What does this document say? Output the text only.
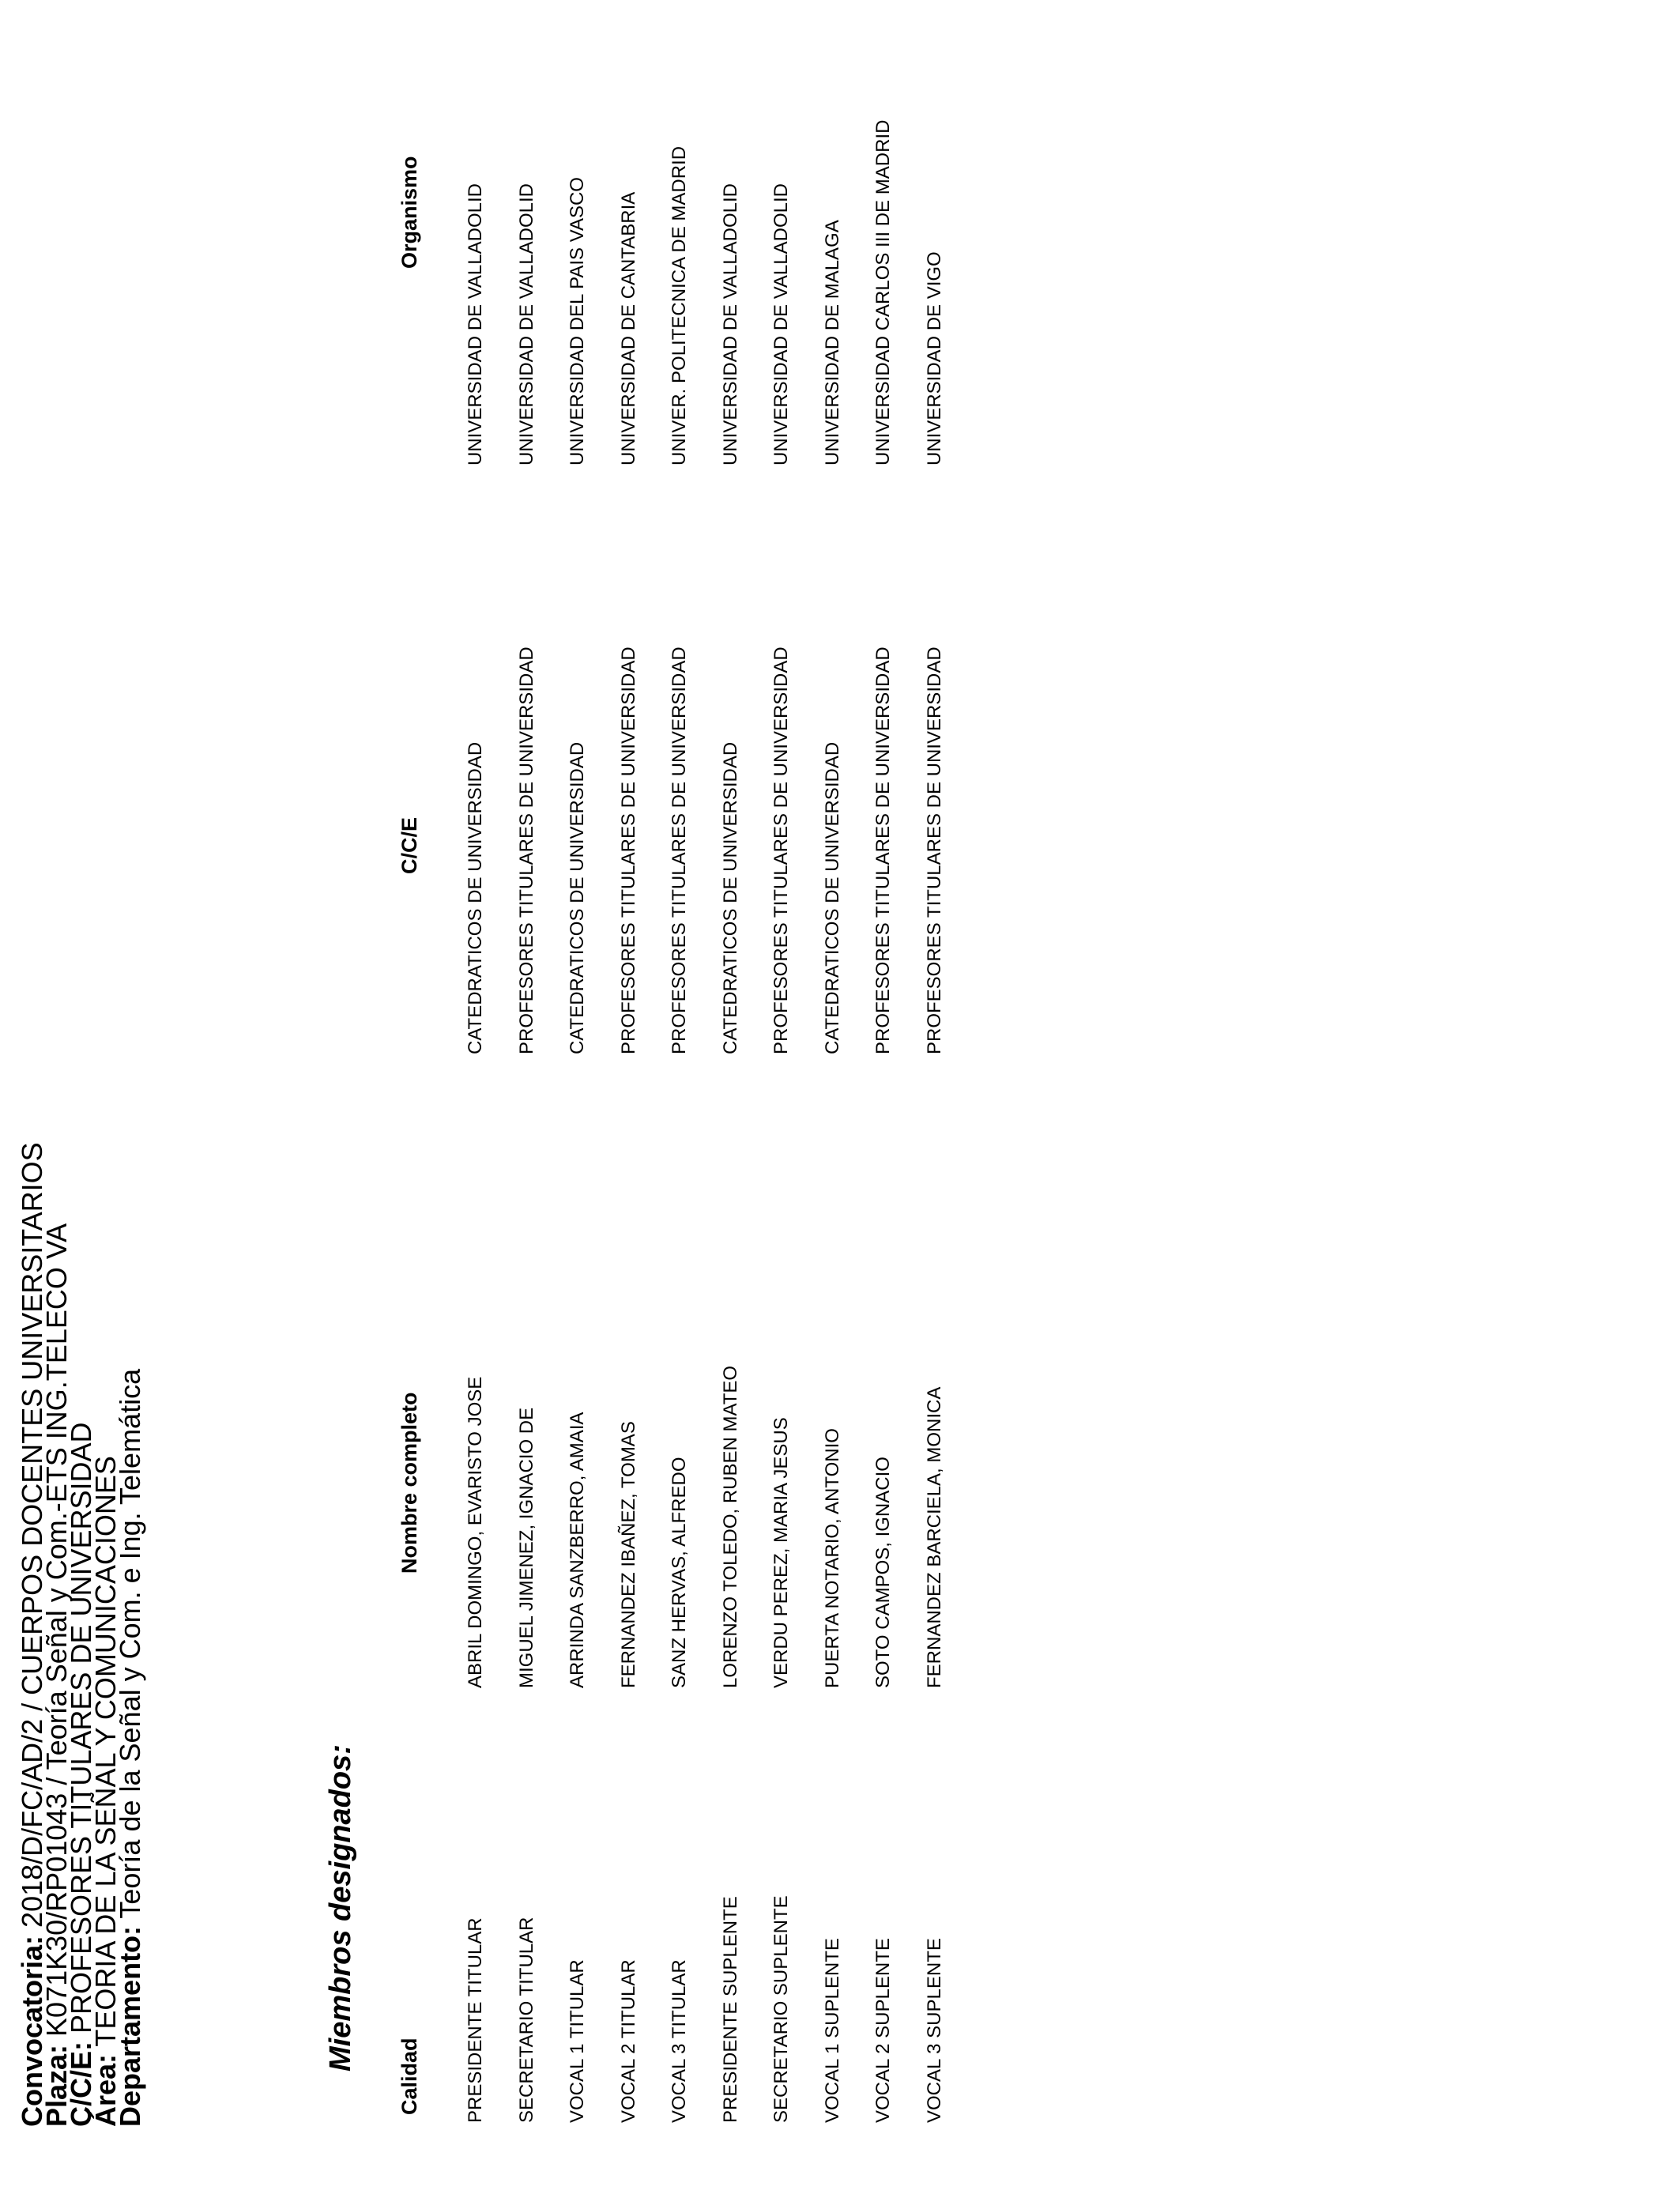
Convocatoria: 2018/D/FC/AD/2 / CUERPOS DOCENTES UNIVERSITARIOS
Plaza: K071K30/RP01043 / Teoría Señal y Com.-ETS ING.TELECO VA
C/C/E: PROFESORES TITULARES DE UNIVERSIDAD
Área: TEORIA DE LA SEÑAL Y COMUNICACIONES
Departamento: Teoría de la Señal y Com. e Ing. Telemática	Miembros designados:
Calidad
Nombre completo
C/C/E
Organismo
PRESIDENTE TITULAR
ABRIL DOMINGO, EVARISTO JOSE
CATEDRATICOS DE UNIVERSIDAD
UNIVERSIDAD DE VALLADOLID
SECRETARIO TITULAR
MIGUEL JIMENEZ, IGNACIO DE
PROFESORES TITULARES DE UNIVERSIDAD
UNIVERSIDAD DE VALLADOLID
VOCAL 1 TITULAR
ARRINDA SANZBERRO, AMAIA
CATEDRATICOS DE UNIVERSIDAD
UNIVERSIDAD DEL PAIS VASCO
VOCAL 2 TITULAR
FERNANDEZ IBAÑEZ, TOMAS
PROFESORES TITULARES DE UNIVERSIDAD
UNIVERSIDAD DE CANTABRIA
VOCAL 3 TITULAR
SANZ HERVAS, ALFREDO
PROFESORES TITULARES DE UNIVERSIDAD
UNIVER. POLITECNICA DE MADRID
PRESIDENTE SUPLENTE
LORENZO TOLEDO, RUBEN MATEO
CATEDRATICOS DE UNIVERSIDAD
UNIVERSIDAD DE VALLADOLID
SECRETARIO SUPLENTE
VERDU PEREZ, MARIA JESUS
PROFESORES TITULARES DE UNIVERSIDAD
UNIVERSIDAD DE VALLADOLID
VOCAL 1 SUPLENTE
PUERTA NOTARIO, ANTONIO
CATEDRATICOS DE UNIVERSIDAD
UNIVERSIDAD DE MALAGA
VOCAL 2 SUPLENTE
SOTO CAMPOS, IGNACIO
PROFESORES TITULARES DE UNIVERSIDAD
UNIVERSIDAD CARLOS III DE MADRID
VOCAL 3 SUPLENTE
FERNANDEZ BARCIELA, MONICA
PROFESORES TITULARES DE UNIVERSIDAD
UNIVERSIDAD DE VIGO
